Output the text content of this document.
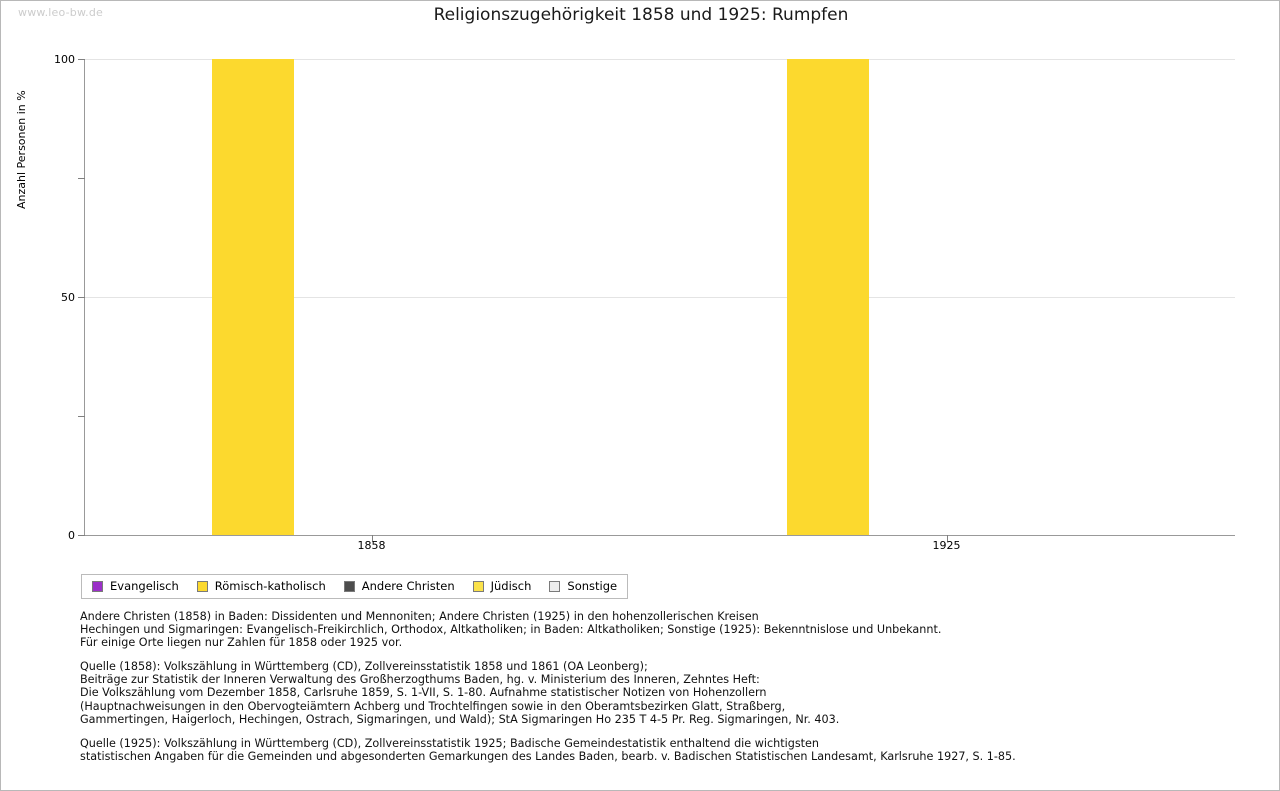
www.leo-bw.de	Religionszugehörigkeit 1858 und 1925: Rumpfen
Anzahl Personen in %
Evangelisch	Römisch-katholisch	Andere Christen	Jüdisch	Sonstige

Andere Christen (1858) in Baden: Dissidenten und Mennoniten; Andere Christen (1925) in den hohenzollerischen Kreisen
Hechingen und Sigmaringen: Evangelisch-Freikirchlich, Orthodox, Altkatholiken; in Baden: Altkatholiken; Sonstige (1925): Bekenntnislose und Unbekannt.
Für einige Orte liegen nur Zahlen für 1858 oder 1925 vor.

Quelle (1858): Volkszählung in Württemberg (CD), Zollvereinsstatistik 1858 und 1861 (OA Leonberg);
Beiträge zur Statistik der Inneren Verwaltung des Großherzogthums Baden, hg. v. Ministerium des Inneren, Zehntes Heft:
Die Volkszählung vom Dezember 1858, Carlsruhe 1859, S. 1-VII, S. 1-80. Aufnahme statistischer Notizen von Hohenzollern
(Hauptnachweisungen in den Obervogteiämtern Achberg und Trochtelfingen sowie in den Oberamtsbezirken Glatt, Straßberg,
Gammertingen, Haigerloch, Hechingen, Ostrach, Sigmaringen, und Wald); StA Sigmaringen Ho 235 T 4-5 Pr. Reg. Sigmaringen, Nr. 403.

Quelle (1925): Volkszählung in Württemberg (CD), Zollvereinsstatistik 1925; Badische Gemeindestatistik enthaltend die wichtigsten
statistischen Angaben für die Gemeinden und abgesonderten Gemarkungen des Landes Baden, bearb. v. Badischen Statistischen Landesamt, Karlsruhe 1927, S. 1-85.

0
50
100
1858	1925
